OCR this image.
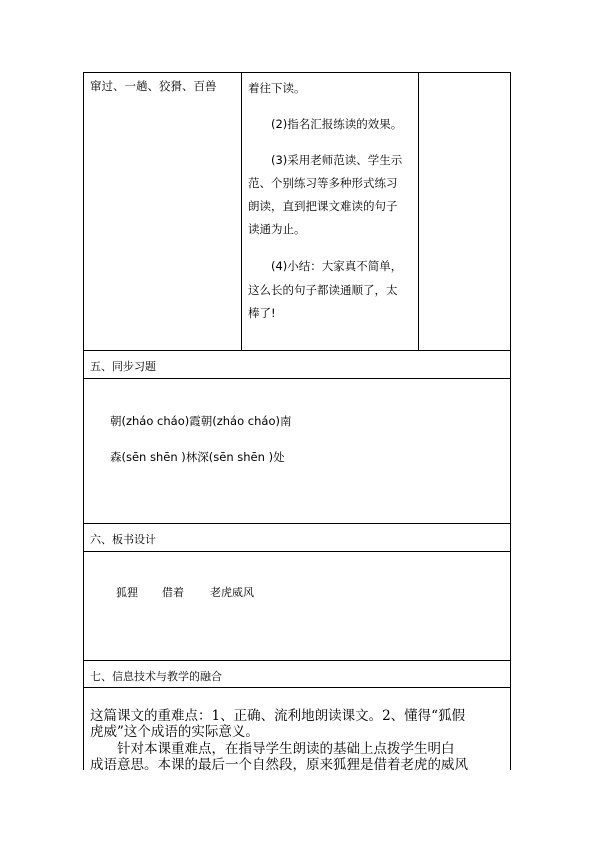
窜过、一趟、狡猾、百兽	着往下读。
(2)指名汇报练读的效果。
(3)采用老师范读、学生示
范、个别练习等多种形式练习
朗读，直到把课文难读的句子
读通为止。
(4)小结：大家真不简单，
这么长的句子都读通顺了，太
棒了!
五、同步习题
朝(zháo cháo)霞朝(zháo cháo)南
森(sēn shēn )林深(sēn shēn )处
六、板书设计
狐狸 借着 老虎威风
七、信息技术与教学的融合
这篇课文的重难点：1、正确、流利地朗读课文。2、懂得“狐假
虎威”这个成语的实际意义。
针对本课重难点，在指导学生朗读的基础上点拨学生明白
成语意思。本课的最后一个自然段，原来狐狸是借着老虎的威风
